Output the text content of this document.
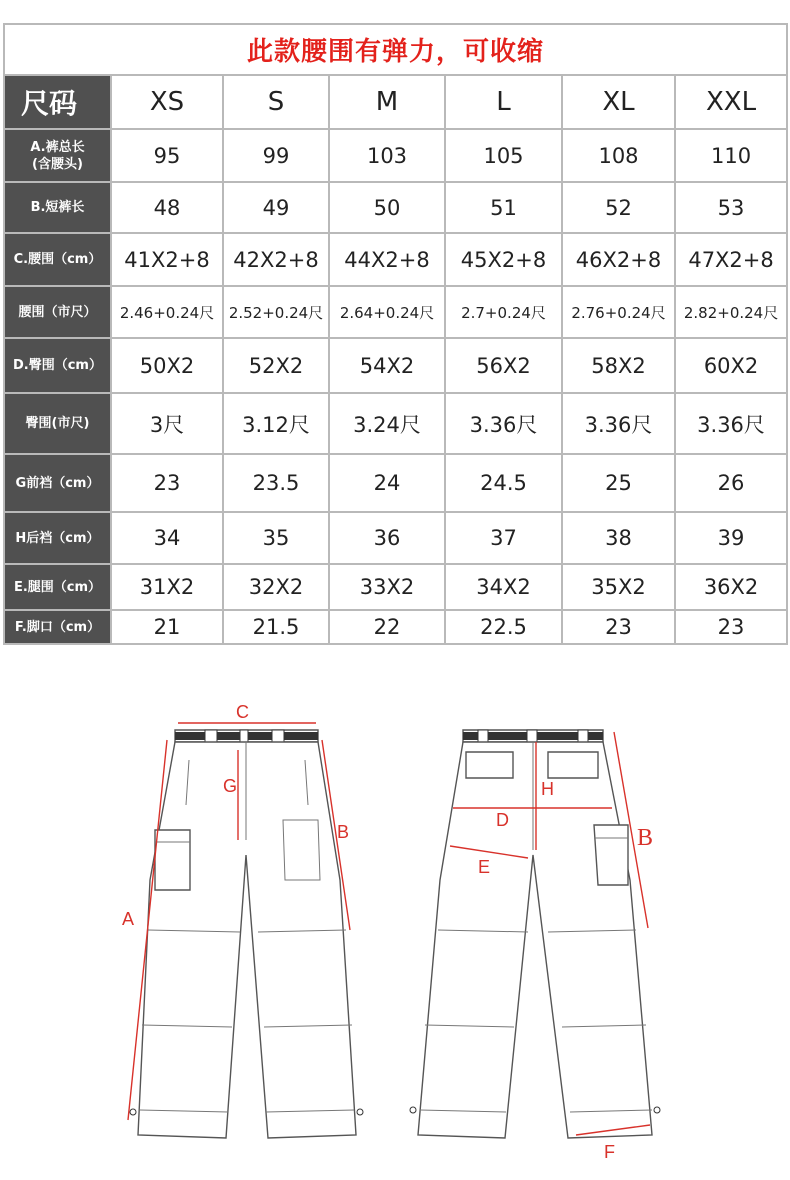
此款腰围有弹力，可收缩						
尺码	XS	S	M	L	XL	XXL

A.裤总长
(含腰头)	95	99	103	105	108	110
B.短裤长	48	49	50	51	52	53
C.腰围（cm）	41X2+8	42X2+8	44X2+8	45X2+8	46X2+8	47X2+8
腰围（市尺）	2.46+0.24尺	2.52+0.24尺	2.64+0.24尺	2.7+0.24尺	2.76+0.24尺	2.82+0.24尺
D.臀围（cm）	50X2	52X2	54X2	56X2	58X2	60X2
臀围(市尺)	3尺	3.12尺	3.24尺	3.36尺	3.36尺	3.36尺
G前裆（cm）	23	23.5	24	24.5	25	26
H后裆（cm）	34	35	36	37	38	39
E.腿围（cm）	31X2	32X2	33X2	34X2	35X2	36X2
F.脚口（cm）	21	21.5	22	22.5	23	23
C
G
B
A
H
D
E
B
F
